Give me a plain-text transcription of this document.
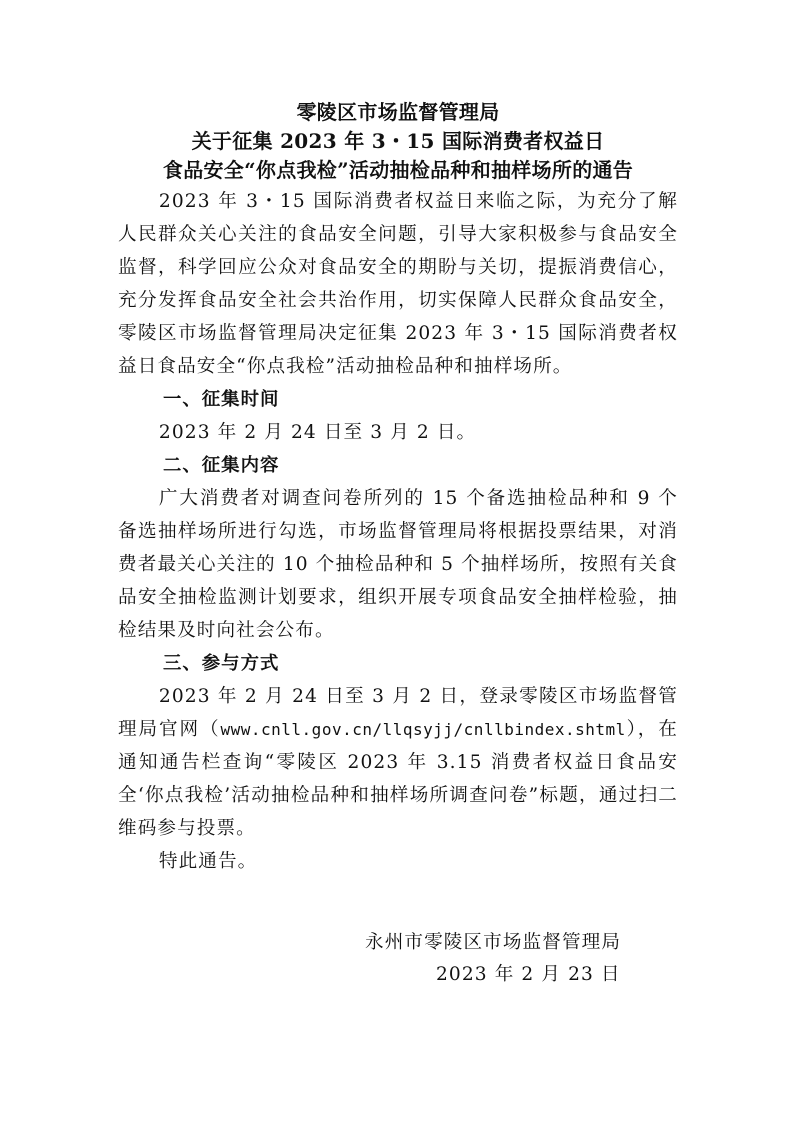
零陵区市场监督管理局
关于征集 2023 年 3・15 国际消费者权益日
食品安全“你点我检”活动抽检品种和抽样场所的通告

2023 年 3・15 国际消费者权益日来临之际，为充分了解人民群众关心关注的食品安全问题，引导大家积极参与食品安全监督，科学回应公众对食品安全的期盼与关切，提振消费信心，充分发挥食品安全社会共治作用，切实保障人民群众食品安全，零陵区市场监督管理局决定征集 2023 年 3・15 国际消费者权益日食品安全“你点我检”活动抽检品种和抽样场所。

一、征集时间

2023 年 2 月 24 日至 3 月 2 日。

二、征集内容

广大消费者对调查问卷所列的 15 个备选抽检品种和 9 个备选抽样场所进行勾选，市场监督管理局将根据投票结果，对消费者最关心关注的 10 个抽检品种和 5 个抽样场所，按照有关食品安全抽检监测计划要求，组织开展专项食品安全抽样检验，抽检结果及时向社会公布。

三、参与方式

2023 年 2 月 24 日至 3 月 2 日，登录零陵区市场监督管理局官网（www.cnll.gov.cn/llqsyjj/cnllbindex.shtml），在通知通告栏查询“零陵区 2023 年 3.15 消费者权益日食品安全‘你点我检’活动抽检品种和抽样场所调查问卷”标题，通过扫二维码参与投票。

特此通告。

永州市零陵区市场监督管理局
2023 年 2 月 23 日
